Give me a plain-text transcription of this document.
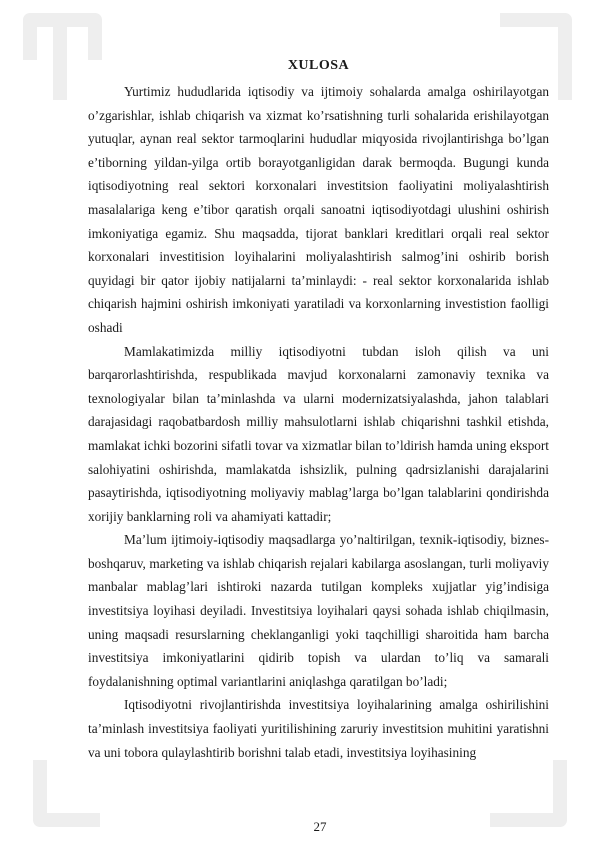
XULOSA

Yurtimiz hududlarida iqtisodiy va ijtimoiy sohalarda amalga oshirilayotgan o’zgarishlar, ishlab chiqarish va xizmat ko’rsatishning turli sohalarida erishilayotgan yutuqlar, aynan real sektor tarmoqlarini hududlar miqyosida rivojlantirishga bo’lgan e’tiborning yildan-yilga ortib borayotganligidan darak bermoqda. Bugungi kunda iqtisodiyotning real sektori korxonalari investitsion faoliyatini moliyalashtirish masalalariga keng e’tibor qaratish orqali sanoatni iqtisodiyotdagi ulushini oshirish imkoniyatiga egamiz. Shu maqsadda, tijorat banklari kreditlari orqali real sektor korxonalari investitision loyihalarini moliyalashtirish salmog’ini oshirib borish quyidagi bir qator ijobiy natijalarni ta’minlaydi: - real sektor korxonalarida ishlab chiqarish hajmini oshirish imkoniyati yaratiladi va korxonlarning investistion faolligi oshadi

Mamlakatimizda milliy iqtisodiyotni tubdan isloh qilish va uni barqarorlashtirishda, respublikada mavjud korxonalarni zamonaviy texnika va texnologiyalar bilan ta’minlashda va ularni modernizatsiyalashda, jahon talablari darajasidagi raqobatbardosh milliy mahsulotlarni ishlab chiqarishni tashkil etishda, mamlakat ichki bozorini sifatli tovar va xizmatlar bilan to’ldirish hamda uning eksport salohiyatini oshirishda, mamlakatda ishsizlik, pulning qadrsizlanishi darajalarini pasaytirishda, iqtisodiyotning moliyaviy mablag’larga bo’lgan talablarini qondirishda xorijiy banklarning roli va ahamiyati kattadir;

Ma’lum ijtimoiy-iqtisodiy maqsadlarga yo’naltirilgan, texnik-iqtisodiy, biznes-boshqaruv, marketing va ishlab chiqarish rejalari kabilarga asoslangan, turli moliyaviy manbalar mablag’lari ishtiroki nazarda tutilgan kompleks xujjatlar yig’indisiga investitsiya loyihasi deyiladi. Investitsiya loyihalari qaysi sohada ishlab chiqilmasin, uning maqsadi resurslarning cheklanganligi yoki taqchilligi sharoitida ham barcha investitsiya imkoniyatlarini qidirib topish va ulardan to’liq va samarali foydalanishning optimal variantlarini aniqlashga qaratilgan bo’ladi;

Iqtisodiyotni rivojlantirishda investitsiya loyihalarining amalga oshirilishini ta’minlash investitsiya faoliyati yuritilishining zaruriy investitsion muhitini yaratishni va uni tobora qulaylashtirib borishni talab etadi, investitsiya loyihasining

27
